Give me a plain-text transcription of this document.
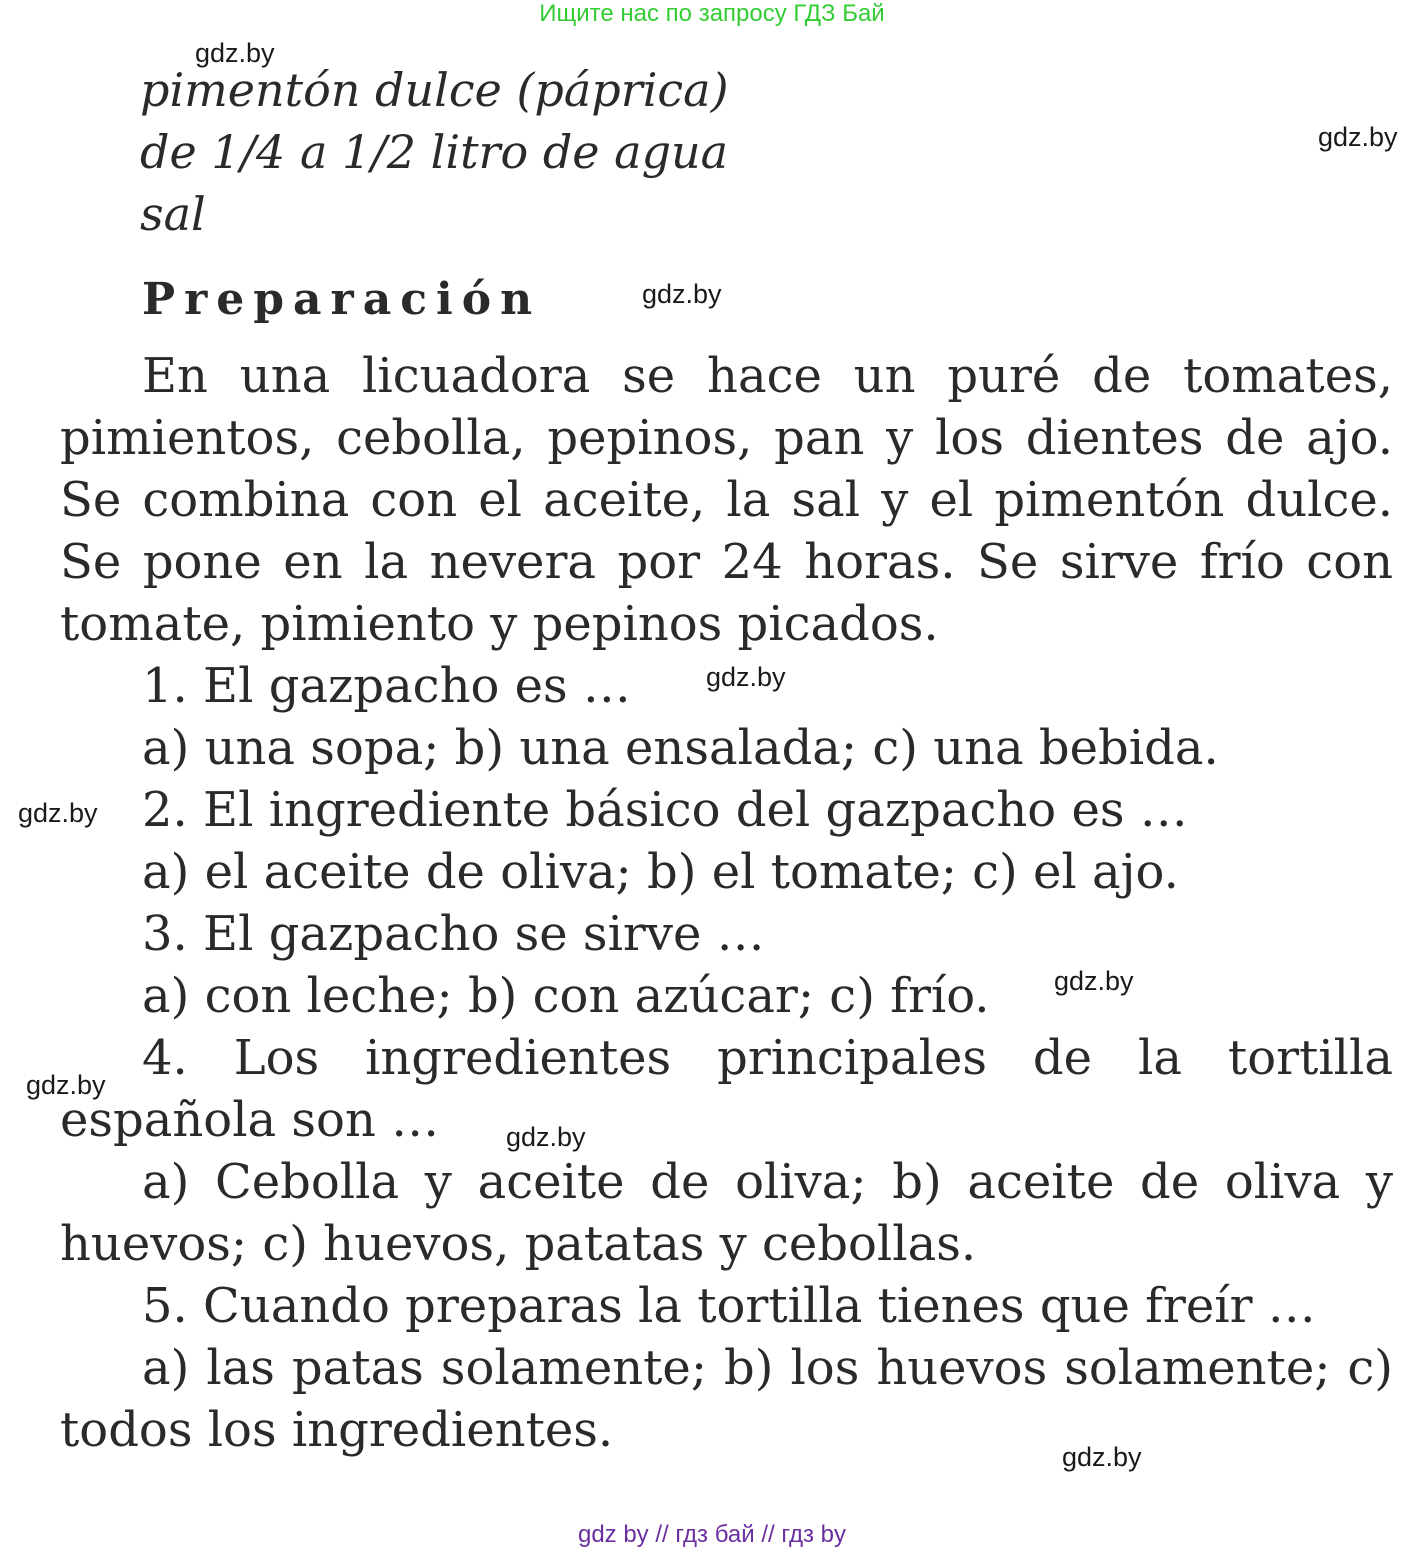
Ищите нас по запросу ГДЗ Бай
gdz.by
gdz.by
gdz.by
gdz.by
gdz.by
gdz.by
gdz.by
gdz.by
gdz.by
pimentón dulce (páprica)
de 1/4 a 1/2 litro de agua
sal
Preparación

En una licuadora se hace un puré de tomates, pimientos, cebolla, pepinos, pan y los dientes de ajo. Se combina con el aceite, la sal y el pimentón dulce. Se pone en la nevera por 24 horas. Se sirve frío con tomate, pimiento y pepinos picados.

1. El gazpacho es …

a) una sopa; b) una ensalada; c) una bebida.

2. El ingrediente básico del gazpacho es …

a) el aceite de oliva; b) el tomate; c) el ajo.

3. El gazpacho se sirve …

a) con leche; b) con azúcar; c) frío.

4. Los ingredientes principales de la tortilla española son …

a) Cebolla y aceite de oliva; b) aceite de oliva y huevos; c) huevos, patatas y cebollas.

5. Cuando preparas la tortilla tienes que freír …

a) las patas solamente; b) los huevos solamente; c) todos los ingredientes.

gdz by // гдз бай // гдз by
